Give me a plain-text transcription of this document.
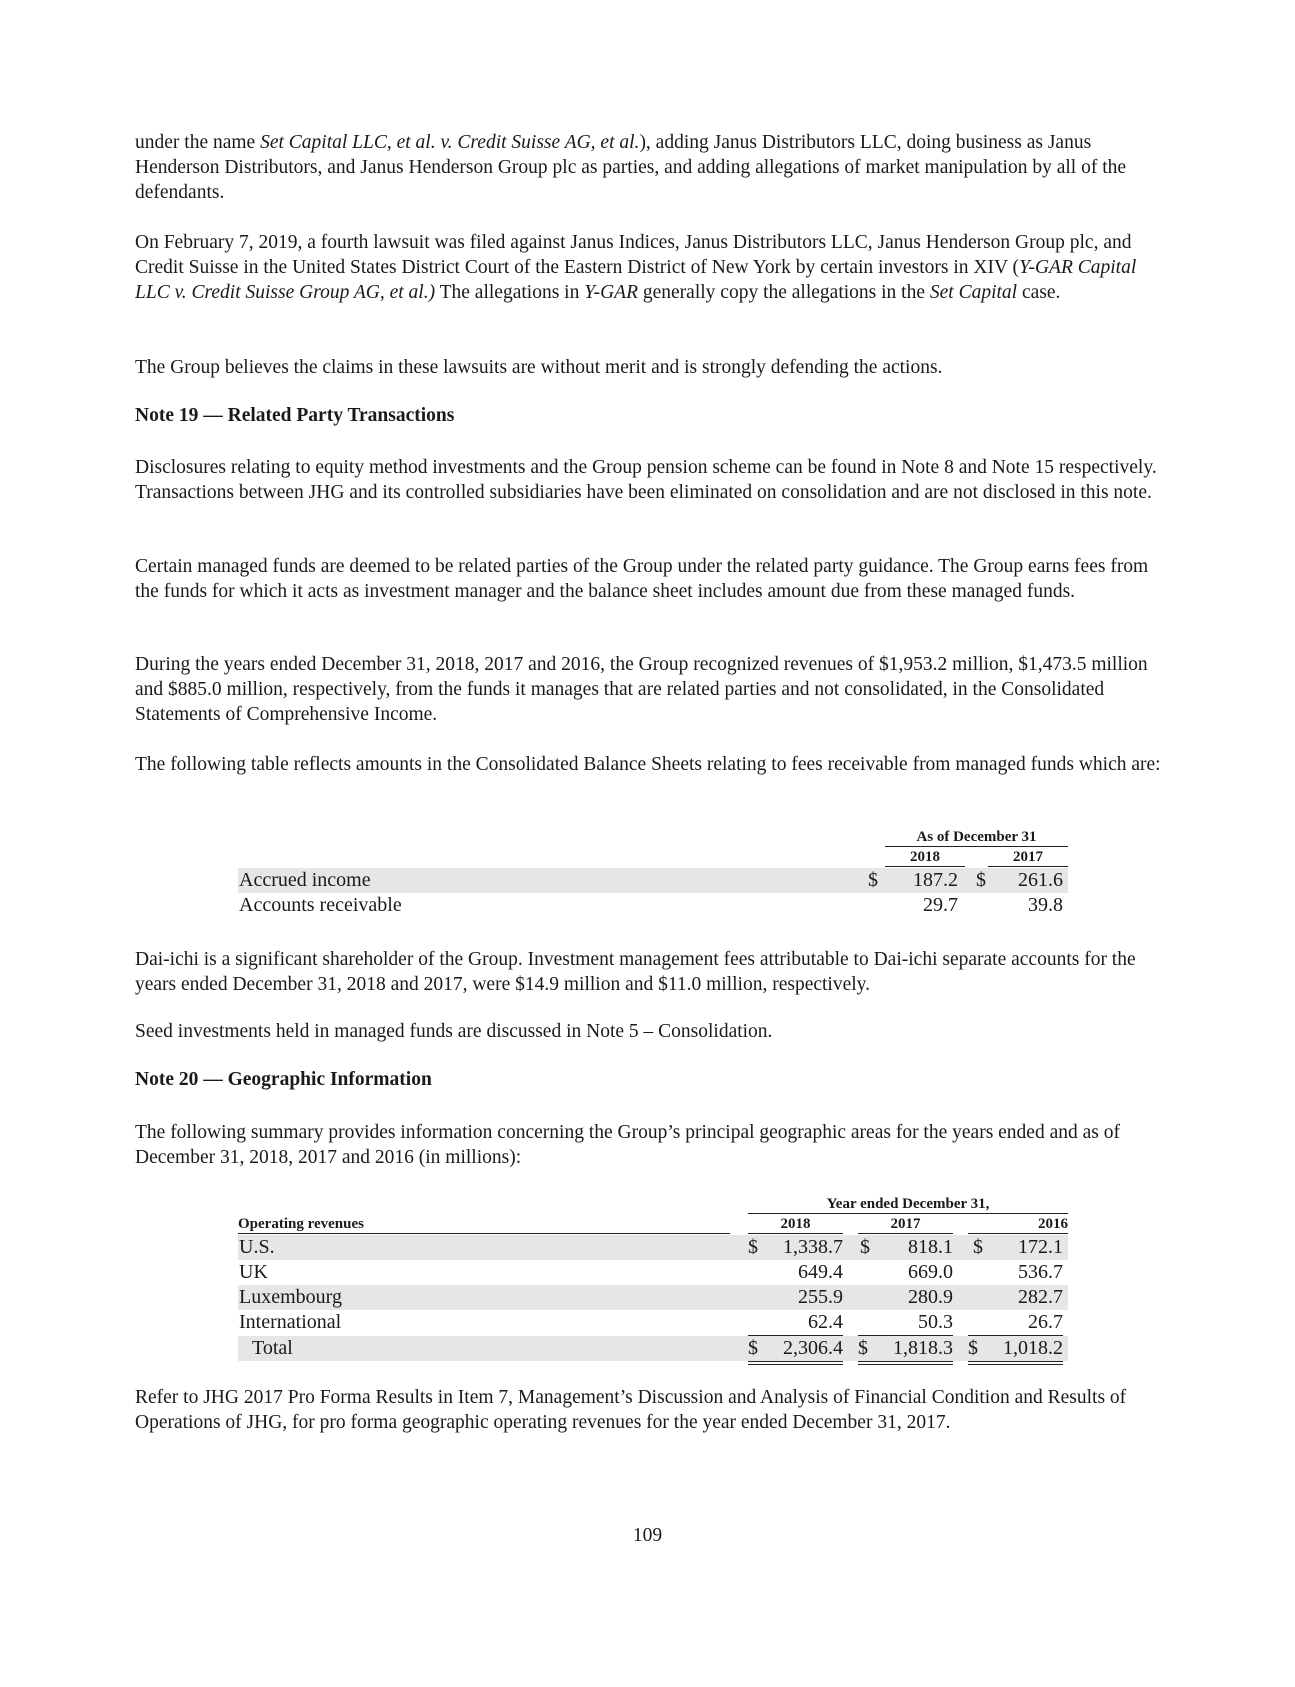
under the name Set Capital LLC, et al. v. Credit Suisse AG, et al.), adding Janus Distributors LLC, doing business as Janus Henderson Distributors, and Janus Henderson Group plc as parties, and adding allegations of market manipulation by all of the defendants.

On February 7, 2019, a fourth lawsuit was filed against Janus Indices, Janus Distributors LLC, Janus Henderson Group plc, and Credit Suisse in the United States District Court of the Eastern District of New York by certain investors in XIV (Y-GAR Capital LLC v. Credit Suisse Group AG, et al.) The allegations in Y-GAR generally copy the allegations in the Set Capital case.

The Group believes the claims in these lawsuits are without merit and is strongly defending the actions.

Note 19 — Related Party Transactions

Disclosures relating to equity method investments and the Group pension scheme can be found in Note 8 and Note 15 respectively. Transactions between JHG and its controlled subsidiaries have been eliminated on consolidation and are not disclosed in this note.

Certain managed funds are deemed to be related parties of the Group under the related party guidance. The Group earns fees from the funds for which it acts as investment manager and the balance sheet includes amount due from these managed funds.

During the years ended December 31, 2018, 2017 and 2016, the Group recognized revenues of $1,953.2 million, $1,473.5 million and $885.0 million, respectively, from the funds it manages that are related parties and not consolidated, in the Consolidated Statements of Comprehensive Income.

The following table reflects amounts in the Consolidated Balance Sheets relating to fees receivable from managed funds which are:

Dai-ichi is a significant shareholder of the Group. Investment management fees attributable to Dai-ichi separate accounts for the years ended December 31, 2018 and 2017, were $14.9 million and $11.0 million, respectively.

Seed investments held in managed funds are discussed in Note 5 – Consolidation.

Note 20 — Geographic Information

The following summary provides information concerning the Group’s principal geographic areas for the years ended and as of December 31, 2018, 2017 and 2016 (in millions):

Refer to JHG 2017 Pro Forma Results in Item 7, Management’s Discussion and Analysis of Financial Condition and Results of Operations of JHG, for pro forma geographic operating revenues for the year ended December 31, 2017.

As of December 31
2018	2017
Accrued income	$	187.2 $	261.6
Accounts receivable	29.7	39.8
Year ended December 31,
Operating revenues	2018	2017	2016
U.S.	$	1,338.7 $	818.1 $	172.1
UK	649.4	669.0	536.7
Luxembourg	255.9	280.9	282.7
International	62.4	50.3	26.7
Total	$ 2,306.4 $ 1,818.3 $ 1,018.2
109
